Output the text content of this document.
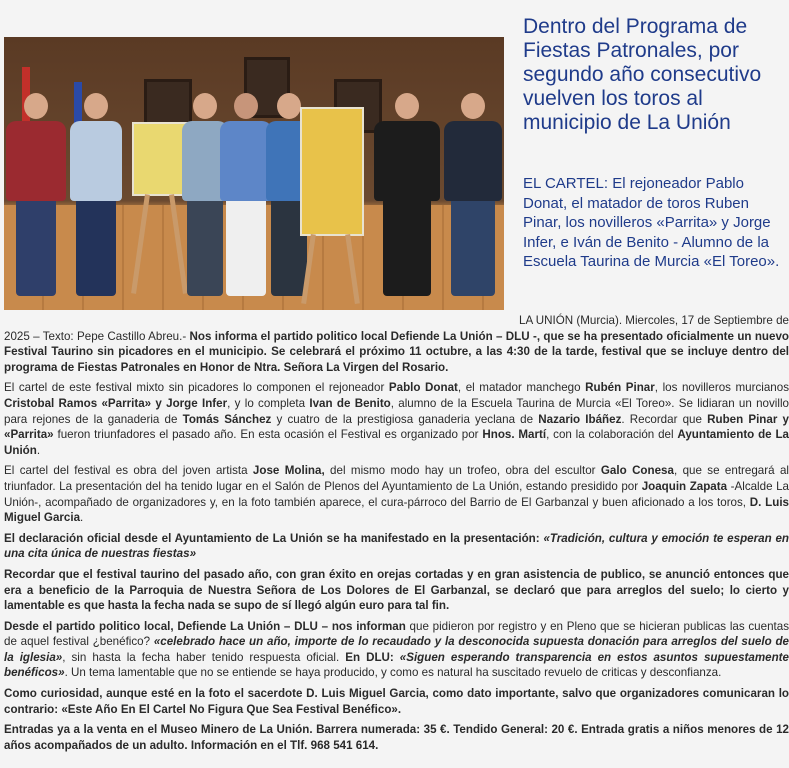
Dentro del Programa de Fiestas Patronales, por segundo año consecutivo vuelven los toros al municipio de La Unión

EL CARTEL: El rejoneador Pablo Donat, el matador de toros Ruben Pinar, los novilleros «Parrita» y Jorge Infer, e Iván de Benito - Alumno de la Escuela Taurina de Murcia «El Toreo».

LA UNIÓN (Murcia). Miercoles, 17 de Septiembre de 2025 – Texto: Pepe Castillo Abreu.- Nos informa el partido politico local Defiende La Unión – DLU -, que se ha presentado oficialmente un nuevo Festival Taurino sin picadores en el municipio. Se celebrará el próximo 11 octubre, a las 4:30 de la tarde, festival que se incluye dentro del programa de Fiestas Patronales en Honor de Ntra. Señora La Virgen del Rosario.

El cartel de este festival mixto sin picadores lo componen el rejoneador Pablo Donat, el matador manchego Rubén Pinar, los novilleros murcianos Cristobal Ramos «Parrita» y Jorge Infer, y lo completa Ivan de Benito, alumno de la Escuela Taurina de Murcia «El Toreo». Se lidiaran un novillo para rejones de la ganaderia de Tomás Sánchez y cuatro de la prestigiosa ganaderia yeclana de Nazario Ibáñez. Recordar que Ruben Pinar y «Parrita» fueron triunfadores el pasado año. En esta ocasión el Festival es organizado por Hnos. Martí, con la colaboración del Ayuntamiento de La Unión.

El cartel del festival es obra del joven artista Jose Molina, del mismo modo hay un trofeo, obra del escultor Galo Conesa, que se entregará al triunfador. La presentación del ha tenido lugar en el Salón de Plenos del Ayuntamiento de La Unión, estando presidido por Joaquin Zapata -Alcalde La Unión-, acompañado de organizadores y, en la foto también aparece, el cura-párroco del Barrio de El Garbanzal y buen aficionado a los toros, D. Luis Miguel Garcia.

El declaración oficial desde el Ayuntamiento de La Unión se ha manifestado en la presentación: «Tradición, cultura y emoción te esperan en una cita única de nuestras fiestas»

Recordar que el festival taurino del pasado año, con gran éxito en orejas cortadas y en gran asistencia de publico, se anunció entonces que era a beneficio de la Parroquia de Nuestra Señora de Los Dolores de El Garbanzal, se declaró que para arreglos del suelo; lo cierto y lamentable es que hasta la fecha nada se supo de sí llegó algún euro para tal fin.

Desde el partido politico local, Defiende La Unión – DLU – nos informan que pidieron por registro y en Pleno que se hicieran publicas las cuentas de aquel festival ¿benéfico? «celebrado hace un año, importe de lo recaudado y la desconocida supuesta donación para arreglos del suelo de la iglesia», sin hasta la fecha haber tenido respuesta oficial. En DLU: «Siguen esperando transparencia en estos asuntos supuestamente benéficos». Un tema lamentable que no se entiende se haya producido, y como es natural ha suscitado revuelo de criticas y desconfianza.

Como curiosidad, aunque esté en la foto el sacerdote D. Luis Miguel Garcia, como dato importante, salvo que organizadores comunicaran lo contrario: «Este Año En El Cartel No Figura Que Sea Festival Benéfico».

Entradas ya a la venta en el Museo Minero de La Unión. Barrera numerada: 35 €. Tendido General: 20 €. Entrada gratis a niños menores de 12 años acompañados de un adulto. Información en el Tlf. 968 541 614.
